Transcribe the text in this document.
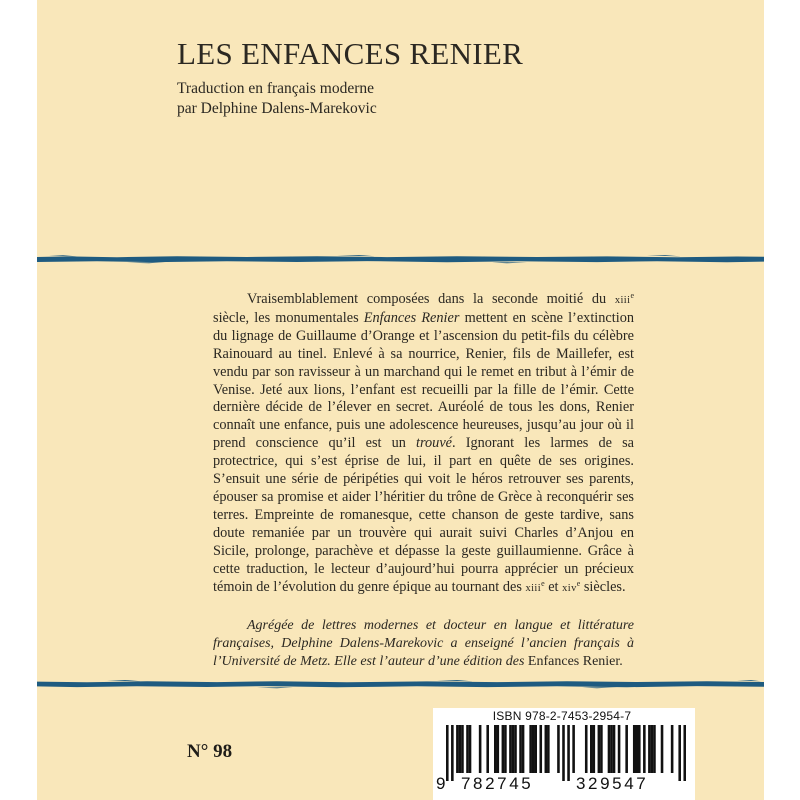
LES ENFANCES RENIER
Traduction en français moderne
par Delphine Dalens-Marekovic

Vraisemblablement composées dans la seconde moitié du xiii$^e$ siècle, les monumentales Enfances Renier mettent en scène l’extinction du lignage de Guillaume d’Orange et l’ascension du petit-fils du célèbre Rainouard au tinel. Enlevé à sa nourrice, Renier, fils de Maillefer, est vendu par son ravisseur à un marchand qui le remet en tribut à l’émir de Venise. Jeté aux lions, l’enfant est recueilli par la fille de l’émir. Cette dernière décide de l’élever en secret. Auréolé de tous les dons, Renier connaît une enfance, puis une adolescence heureuses, jusqu’au jour où il prend conscience qu’il est un trouvé. Ignorant les larmes de sa protectrice, qui s’est éprise de lui, il part en quête de ses origines. S’ensuit une série de péripéties qui voit le héros retrouver ses parents, épouser sa promise et aider l’héritier du trône de Grèce à reconquérir ses terres. Empreinte de romanesque, cette chanson de geste tardive, sans doute remaniée par un trouvère qui aurait suivi Charles d’Anjou en Sicile, prolonge, parachève et dépasse la geste guillaumienne. Grâce à cette traduction, le lecteur d’aujourd’hui pourra apprécier un précieux témoin de l’évolution du genre épique au tournant des xiii$^e$ et xiv$^e$ siècles.

Agrégée de lettres modernes et docteur en langue et littérature françaises, Delphine Dalens-Marekovic a enseigné l’ancien français à l’Université de Metz. Elle est l’auteur d’une édition des Enfances Renier.

N° 98

ISBN 978-2-7453-2954-7
9 782745	329547
